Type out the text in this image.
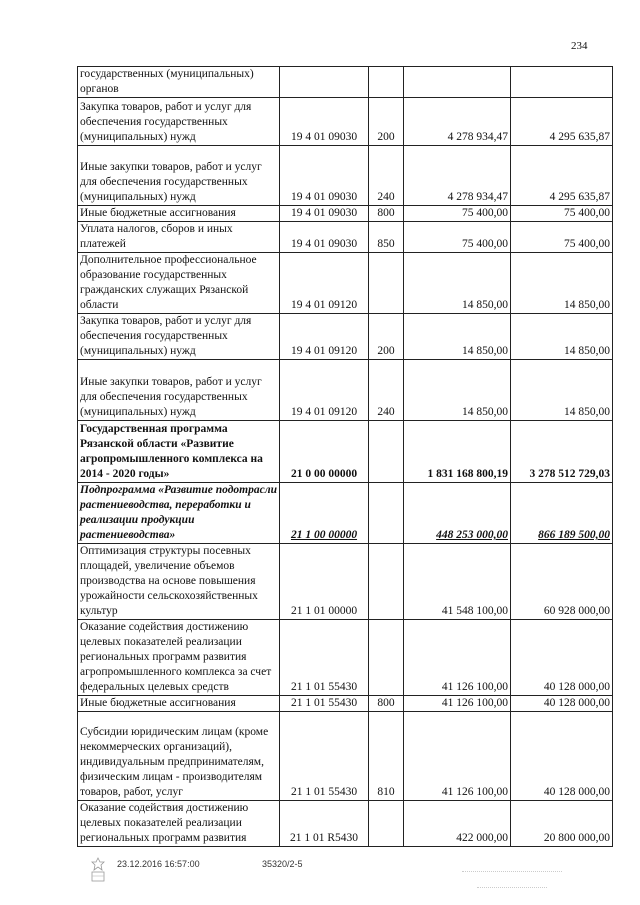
234
государственных (муниципальных) органов				
Закупка товаров, работ и услуг для обеспечения государственных (муниципальных) нужд	19 4 01 09030	200	4 278 934,47	4 295 635,87
Иные закупки товаров, работ и услуг для обеспечения государственных (муниципальных) нужд	19 4 01 09030	240	4 278 934,47	4 295 635,87
Иные бюджетные ассигнования	19 4 01 09030	800	75 400,00	75 400,00
Уплата налогов, сборов и иных платежей	19 4 01 09030	850	75 400,00	75 400,00
Дополнительное профессиональное образование государственных гражданских служащих Рязанской области	19 4 01 09120		14 850,00	14 850,00
Закупка товаров, работ и услуг для обеспечения государственных (муниципальных) нужд	19 4 01 09120	200	14 850,00	14 850,00
Иные закупки товаров, работ и услуг для обеспечения государственных (муниципальных) нужд	19 4 01 09120	240	14 850,00	14 850,00
Государственная программа Рязанской области «Развитие агропромышленного комплекса на 2014 - 2020 годы»	21 0 00 00000		1 831 168 800,19	3 278 512 729,03
Подпрограмма «Развитие подотрасли растениеводства, переработки и реализации продукции растениеводства»	21 1 00 00000		448 253 000,00	866 189 500,00
Оптимизация структуры посевных площадей, увеличение объемов производства на основе повышения урожайности сельскохозяйственных культур	21 1 01 00000		41 548 100,00	60 928 000,00
Оказание содействия достижению целевых показателей реализации региональных программ развития агропромышленного комплекса за счет федеральных целевых средств	21 1 01 55430		41 126 100,00	40 128 000,00
Иные бюджетные ассигнования	21 1 01 55430	800	41 126 100,00	40 128 000,00
Субсидии юридическим лицам (кроме некоммерческих организаций), индивидуальным предпринимателям, физическим лицам - производителям товаров, работ, услуг	21 1 01 55430	810	41 126 100,00	40 128 000,00
Оказание содействия достижению целевых показателей реализации региональных программ развития	21 1 01 R5430		422 000,00	20 800 000,00
23.12.2016 16:57:00	35320/2-5
